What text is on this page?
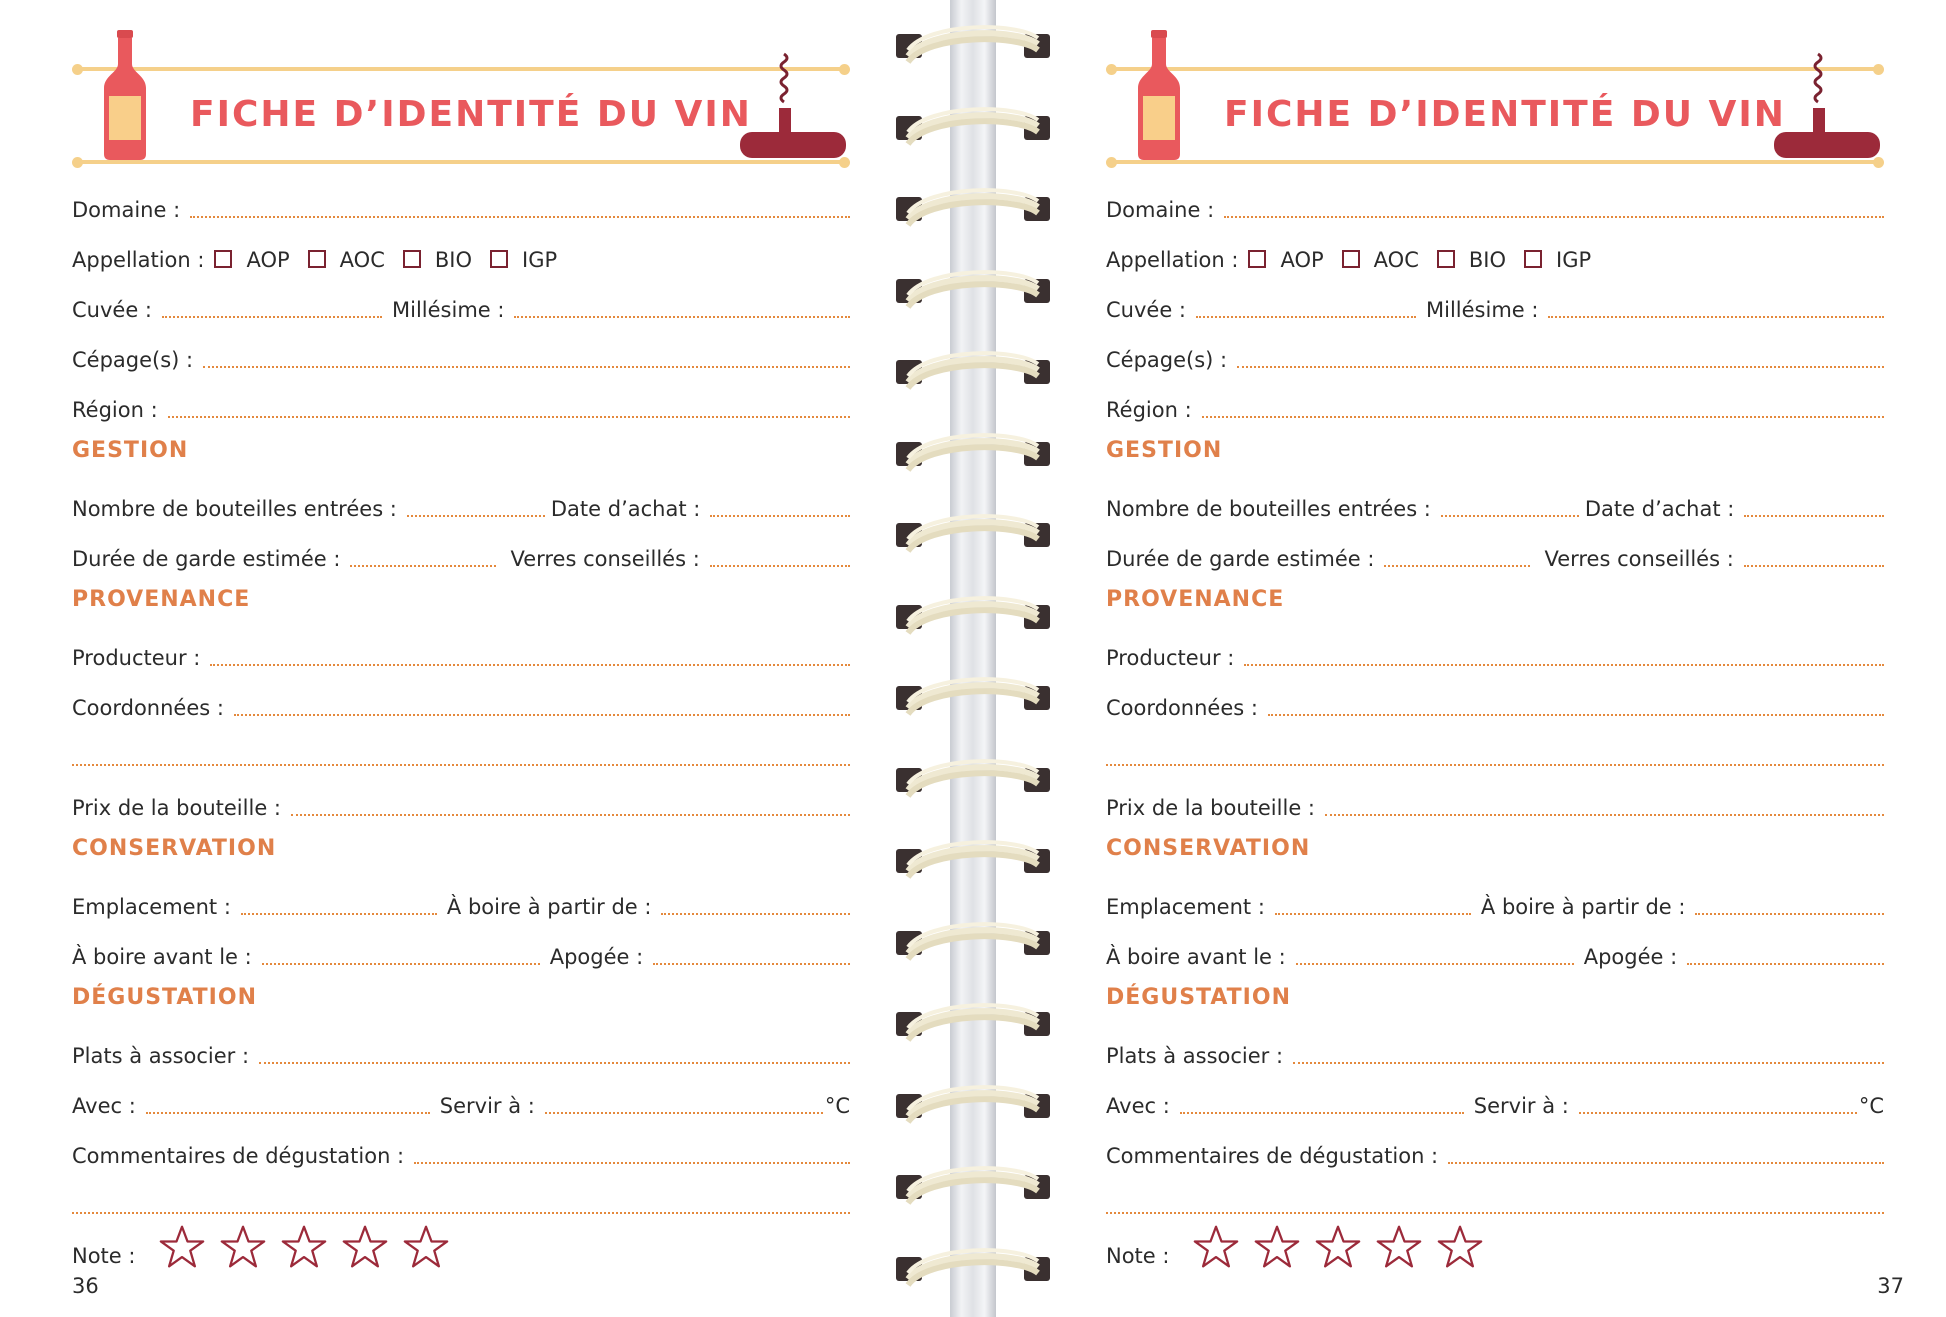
FICHE D’IDENTITÉ DU VIN
Domaine :
Appellation :	AOP AOC BIO IGP
Cuvée :	Millésime :
Cépage(s) :
Région :
GESTION
Nombre de bouteilles entrées :	Date d’achat :
Durée de garde estimée :	Verres conseillés :
PROVENANCE
Producteur :
Coordonnées :
Prix de la bouteille :
CONSERVATION
Emplacement :	À boire à partir de :
À boire avant le :	Apogée :
DÉGUSTATION
Plats à associer :
Avec :	Servir à :	°C
Commentaires de dégustation :
Note :
36
FICHE D’IDENTITÉ DU VIN
Domaine :
Appellation :	AOP AOC BIO IGP
Cuvée :	Millésime :
Cépage(s) :
Région :
GESTION
Nombre de bouteilles entrées :	Date d’achat :
Durée de garde estimée :	Verres conseillés :
PROVENANCE
Producteur :
Coordonnées :
Prix de la bouteille :
CONSERVATION
Emplacement :	À boire à partir de :
À boire avant le :	Apogée :
DÉGUSTATION
Plats à associer :
Avec :	Servir à :	°C
Commentaires de dégustation :
Note :
37
